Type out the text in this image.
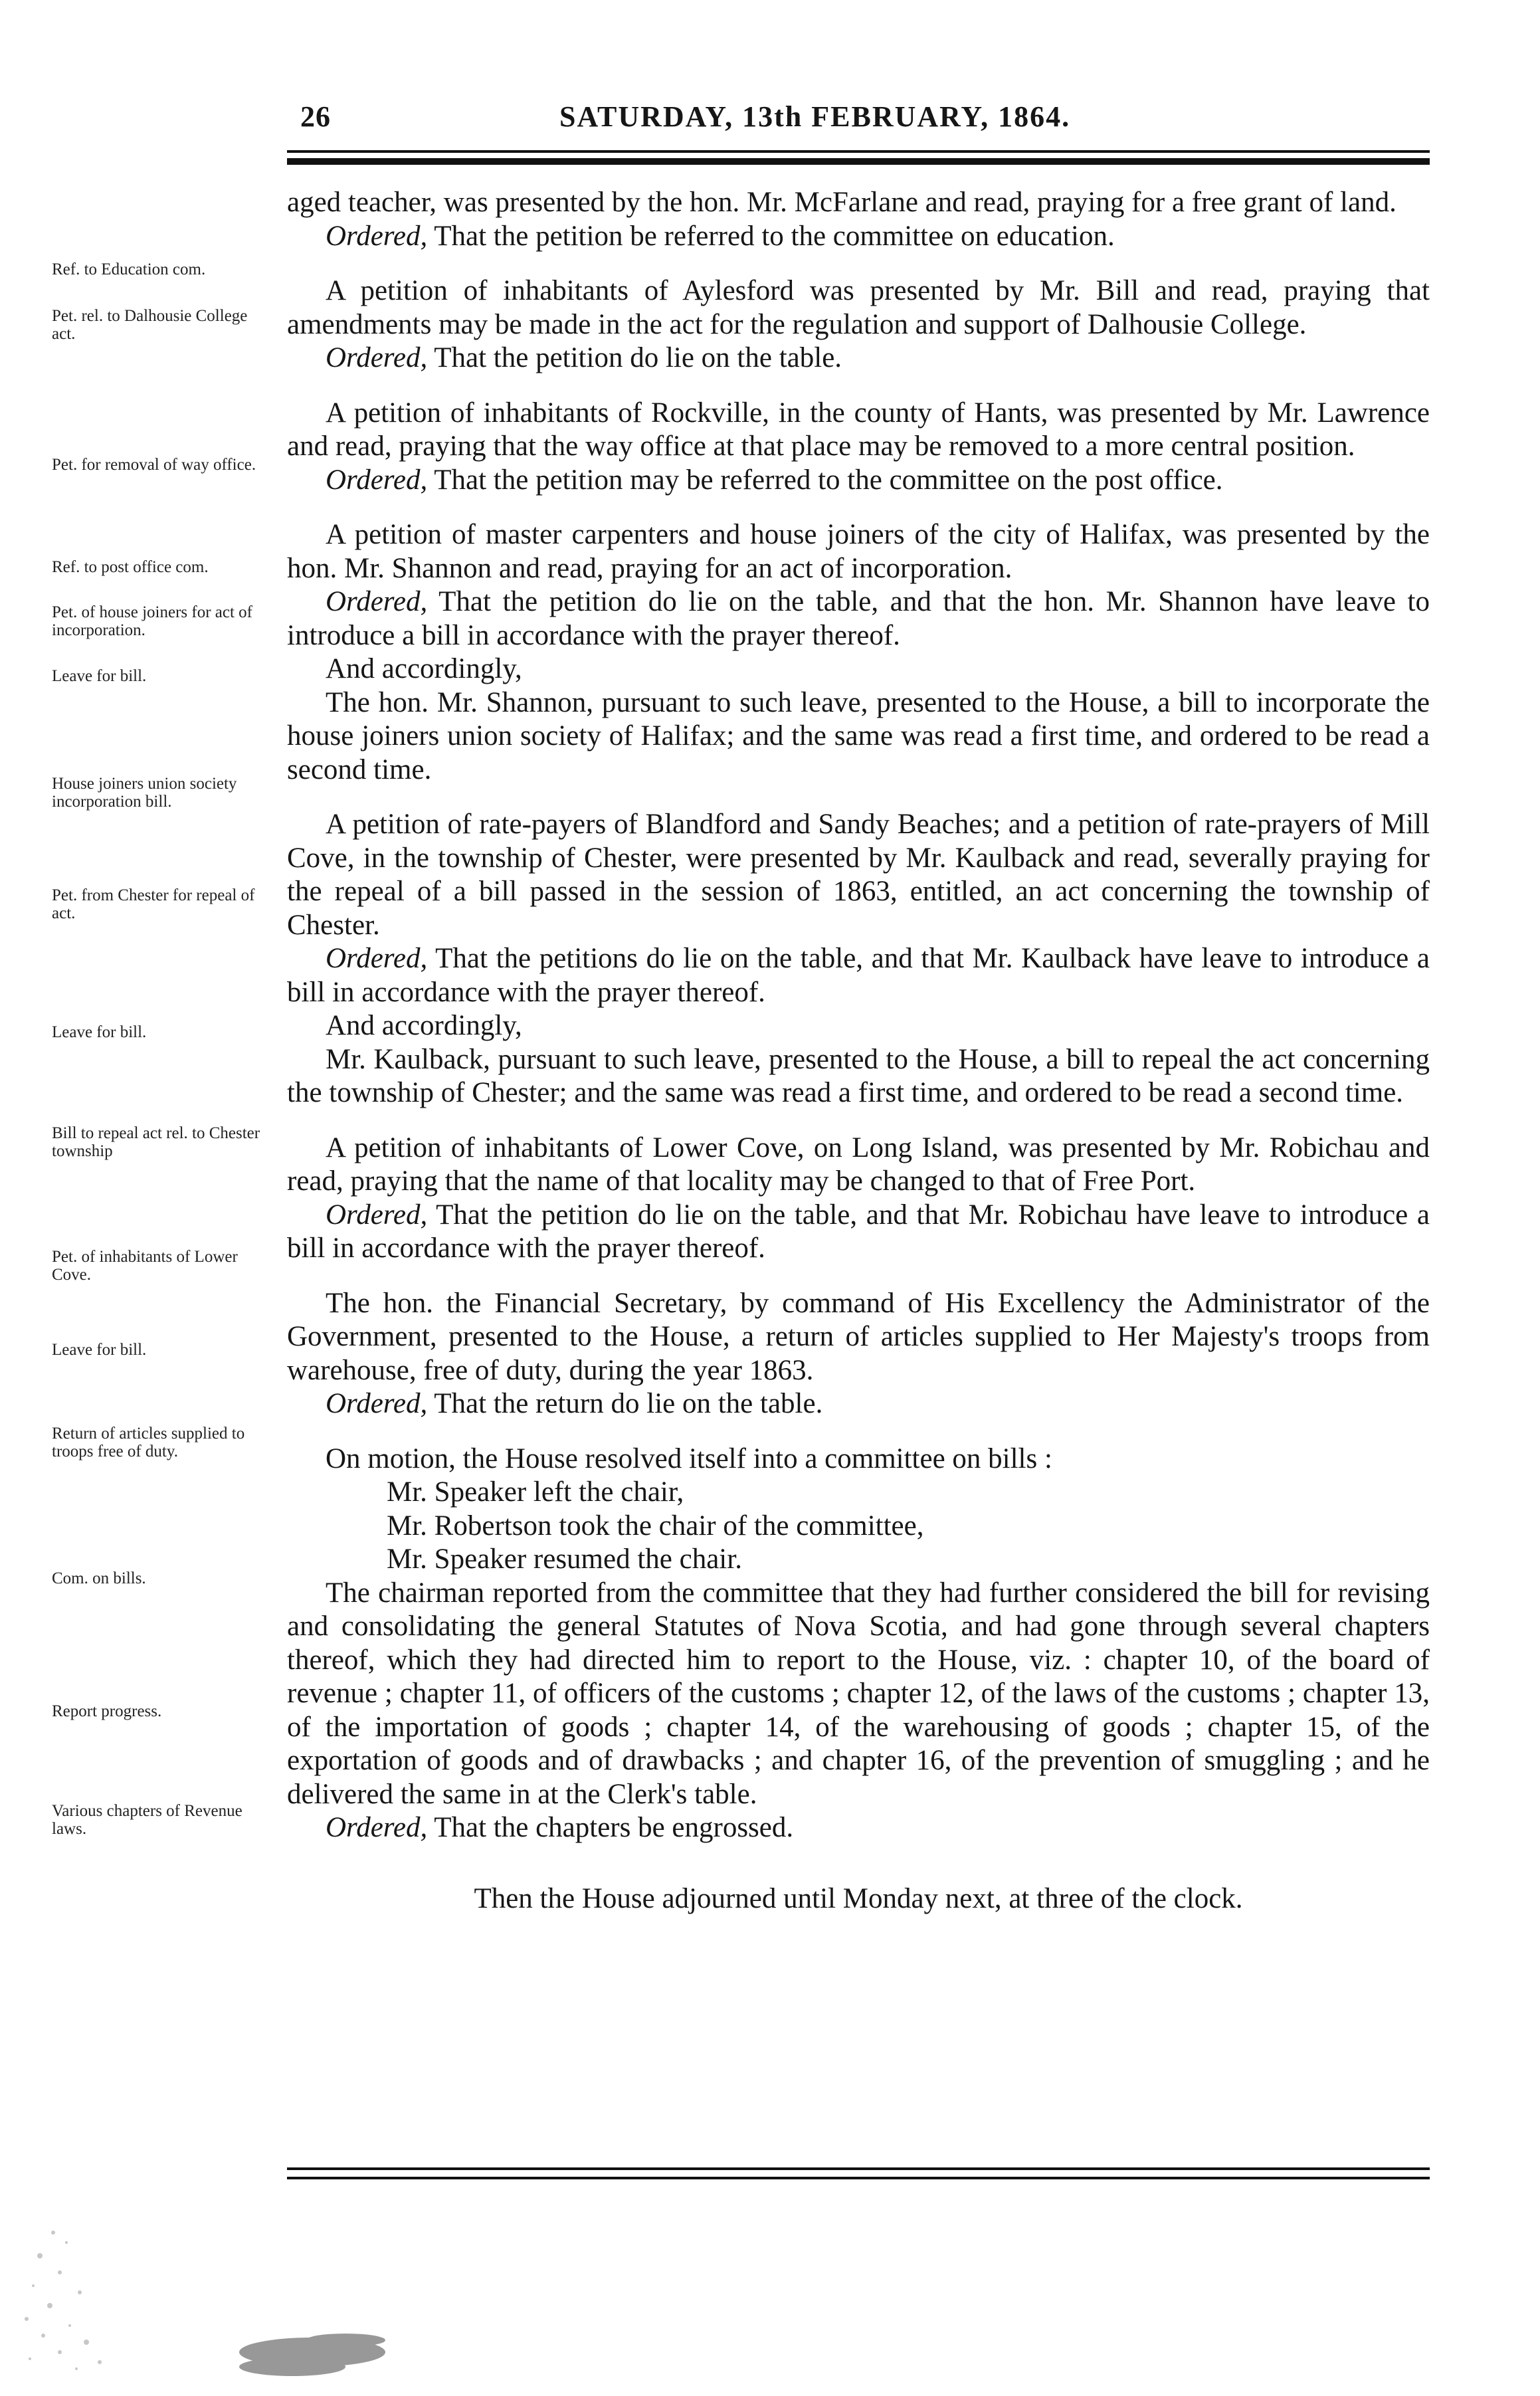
26	SATURDAY, 13th FEBRUARY, 1864.
Ref. to Education com.
Pet. rel. to Dalhousie College act.
Pet. for removal of way office.
Ref. to post office com.
Pet. of house joiners for act of incorporation.
Leave for bill.
House joiners union society incorporation bill.
Pet. from Chester for repeal of act.
Leave for bill.
Bill to repeal act rel. to Chester township
Pet. of inhabitants of Lower Cove.
Leave for bill.
Return of articles supplied to troops free of duty.
Com. on bills.
Report progress.
Various chapters of Revenue laws.

aged teacher, was presented by the hon. Mr. McFarlane and read, praying for a free grant of land.

Ordered, That the petition be referred to the committee on education.

A petition of inhabitants of Aylesford was presented by Mr. Bill and read, praying that amendments may be made in the act for the regulation and support of Dalhousie College.

Ordered, That the petition do lie on the table.

A petition of inhabitants of Rockville, in the county of Hants, was presented by Mr. Lawrence and read, praying that the way office at that place may be removed to a more central position.

Ordered, That the petition may be referred to the committee on the post office.

A petition of master carpenters and house joiners of the city of Halifax, was presented by the hon. Mr. Shannon and read, praying for an act of incorporation.

Ordered, That the petition do lie on the table, and that the hon. Mr. Shannon have leave to introduce a bill in accordance with the prayer thereof.

And accordingly,

The hon. Mr. Shannon, pursuant to such leave, presented to the House, a bill to incorporate the house joiners union society of Halifax; and the same was read a first time, and ordered to be read a second time.

A petition of rate-payers of Blandford and Sandy Beaches; and a petition of rate-prayers of Mill Cove, in the township of Chester, were presented by Mr. Kaulback and read, severally praying for the repeal of a bill passed in the session of 1863, entitled, an act concerning the township of Chester.

Ordered, That the petitions do lie on the table, and that Mr. Kaulback have leave to introduce a bill in accordance with the prayer thereof.

And accordingly,

Mr. Kaulback, pursuant to such leave, presented to the House, a bill to repeal the act concerning the township of Chester; and the same was read a first time, and ordered to be read a second time.

A petition of inhabitants of Lower Cove, on Long Island, was presented by Mr. Robichau and read, praying that the name of that locality may be changed to that of Free Port.

Ordered, That the petition do lie on the table, and that Mr. Robichau have leave to introduce a bill in accordance with the prayer thereof.

The hon. the Financial Secretary, by command of His Excellency the Administrator of the Government, presented to the House, a return of articles supplied to Her Majesty's troops from warehouse, free of duty, during the year 1863.

Ordered, That the return do lie on the table.

On motion, the House resolved itself into a committee on bills :

Mr. Speaker left the chair,

Mr. Robertson took the chair of the committee,

Mr. Speaker resumed the chair.

The chairman reported from the committee that they had further considered the bill for revising and consolidating the general Statutes of Nova Scotia, and had gone through several chapters thereof, which they had directed him to report to the House, viz. : chapter 10, of the board of revenue ; chapter 11, of officers of the customs ; chapter 12, of the laws of the customs ; chapter 13, of the importation of goods ; chapter 14, of the warehousing of goods ; chapter 15, of the exportation of goods and of drawbacks ; and chapter 16, of the prevention of smuggling ; and he delivered the same in at the Clerk's table.

Ordered, That the chapters be engrossed.

Then the House adjourned until Monday next, at three of the clock.
